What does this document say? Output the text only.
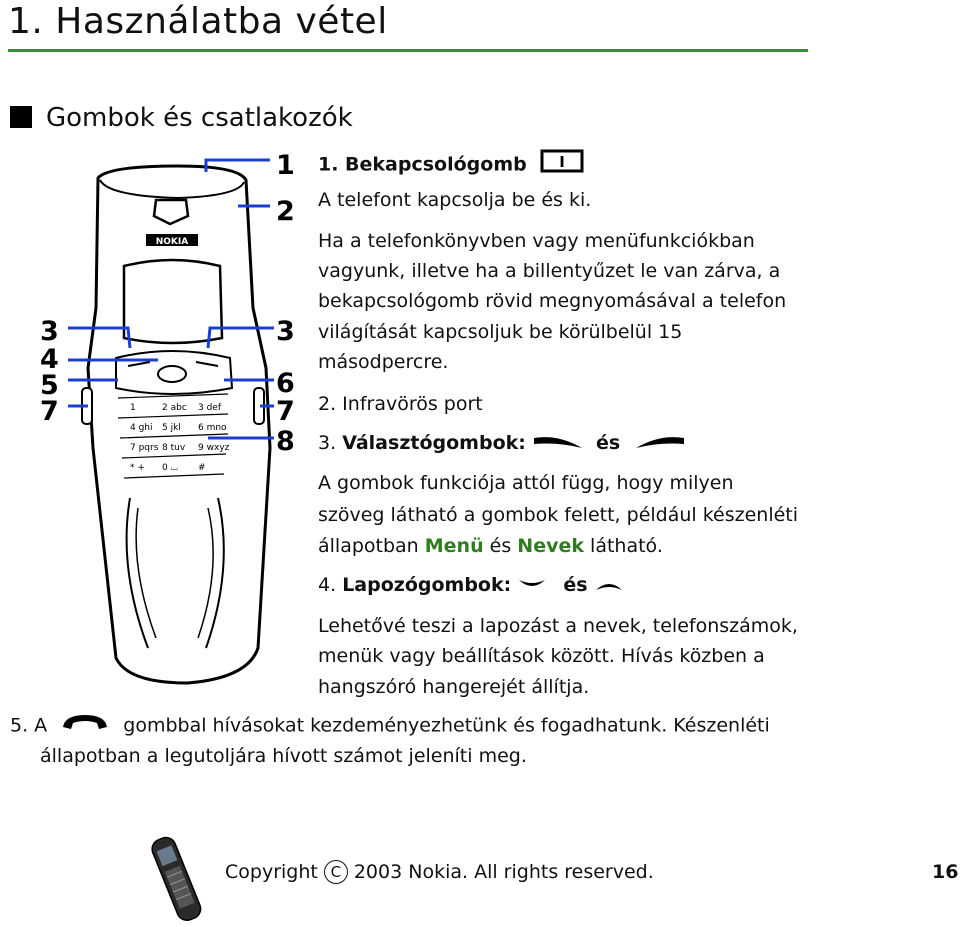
1. Használatba vétel
Gombok és csatlakozók
NOKIA
1	2 abc 3 def
4 ghi 5 jkl 6 mno
7 pqrs 8 tuv 9 wxyz
* + 0 ⌴ #
1
2
3
4
5
7
3
6
7
8
1. Bekapcsológomb I
A telefont kapcsolja be és ki.
Ha a telefonkönyvben vagy menüfunkciókban
vagyunk, illetve ha a billentyűzet le van zárva, a
bekapcsológomb rövid megnyomásával a telefon
világítását kapcsoljuk be körülbelül 15
másodpercre.
2. Infravörös port
3. Választógombok:	és
A gombok funkciója attól függ, hogy milyen
szöveg látható a gombok felett, például készenléti
állapotban Menü és Nevek látható.
4. Lapozógombok:	és
Lehetővé teszi a lapozást a nevek, telefonszámok,
menük vagy beállítások között. Hívás közben a
hangszóró hangerejét állítja.
5. A	gombbal hívásokat kezdeményezhetünk és fogadhatunk. Készenléti
állapotban a legutoljára hívott számot jeleníti meg.
Copyright C 2003 Nokia. All rights reserved.	16
